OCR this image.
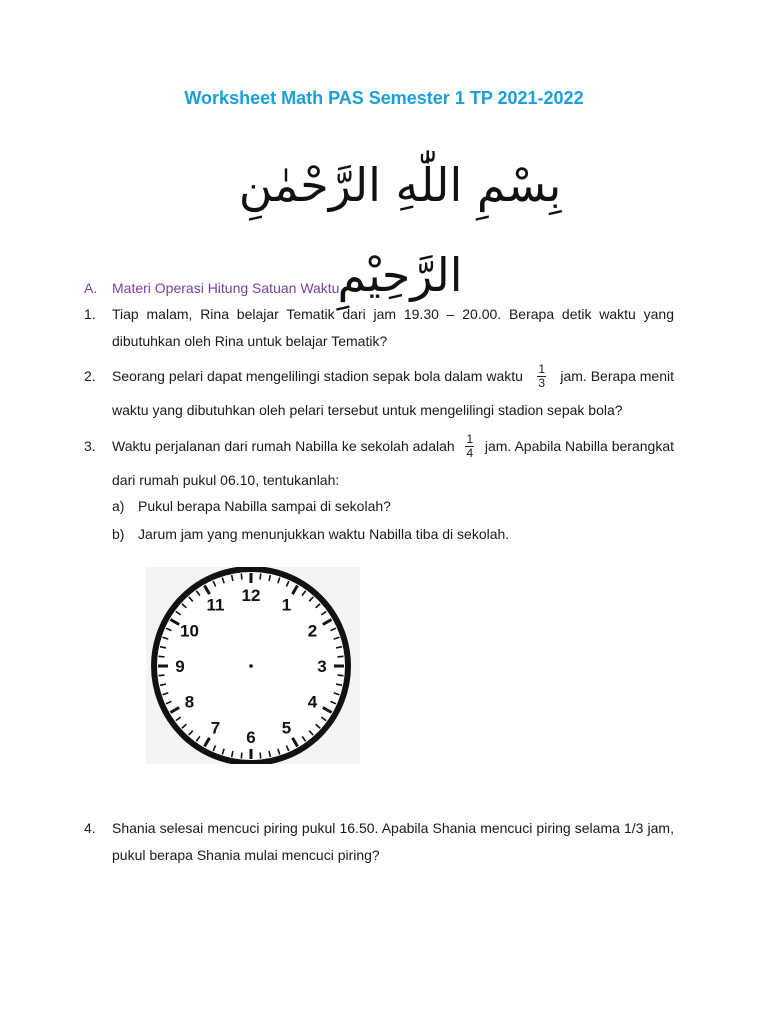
Worksheet Math PAS Semester 1 TP 2021-2022
بِسْمِ اللّٰهِ الرَّحْمٰنِ الرَّحِيْمِ
A. Materi Operasi Hitung Satuan Waktu
1. Tiap malam, Rina belajar Tematik dari jam 19.30 – 20.00. Berapa detik waktu yang
dibutuhkan oleh Rina untuk belajar Tematik?
2. Seorang pelari dapat mengelilingi stadion sepak bola dalam waktu $\frac{1}{3}$ jam. Berapa menit
waktu yang dibutuhkan oleh pelari tersebut untuk mengelilingi stadion sepak bola?
3. Waktu perjalanan dari rumah Nabilla ke sekolah adalah $\frac{1}{4}$ jam. Apabila Nabilla berangkat
dari rumah pukul 06.10, tentukanlah:
a) Pukul berapa Nabilla sampai di sekolah?
b) Jarum jam yang menunjukkan waktu Nabilla tiba di sekolah.
12
1
2
3
4
5
6
7
8
9
10
11
4. Shania selesai mencuci piring pukul 16.50. Apabila Shania mencuci piring selama 1/3 jam,
pukul berapa Shania mulai mencuci piring?
